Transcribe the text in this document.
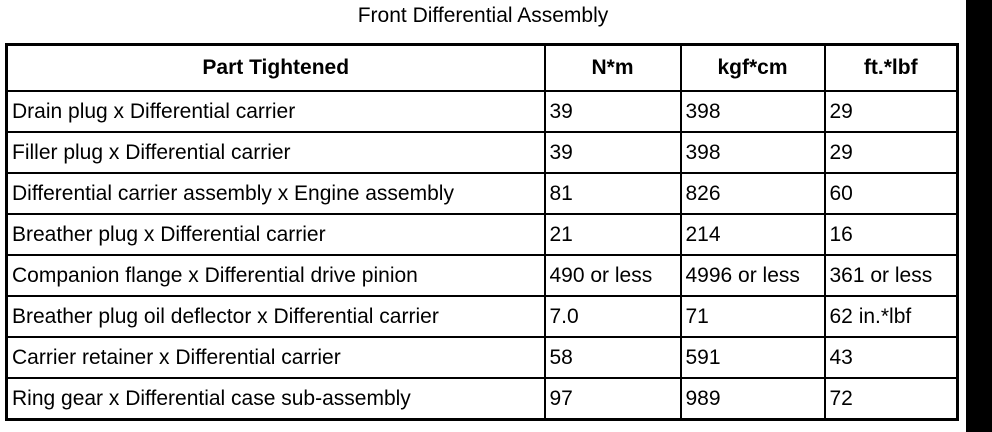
Front Differential Assembly
Part Tightened	N*m	kgf*cm	ft.*lbf
Drain plug x Differential carrier	39	398	29
Filler plug x Differential carrier	39	398	29
Differential carrier assembly x Engine assembly	81	826	60
Breather plug x Differential carrier	21	214	16
Companion flange x Differential drive pinion	490 or less	4996 or less	361 or less
Breather plug oil deflector x Differential carrier	7.0	71	62 in.*lbf
Carrier retainer x Differential carrier	58	591	43
Ring gear x Differential case sub-assembly	97	989	72
